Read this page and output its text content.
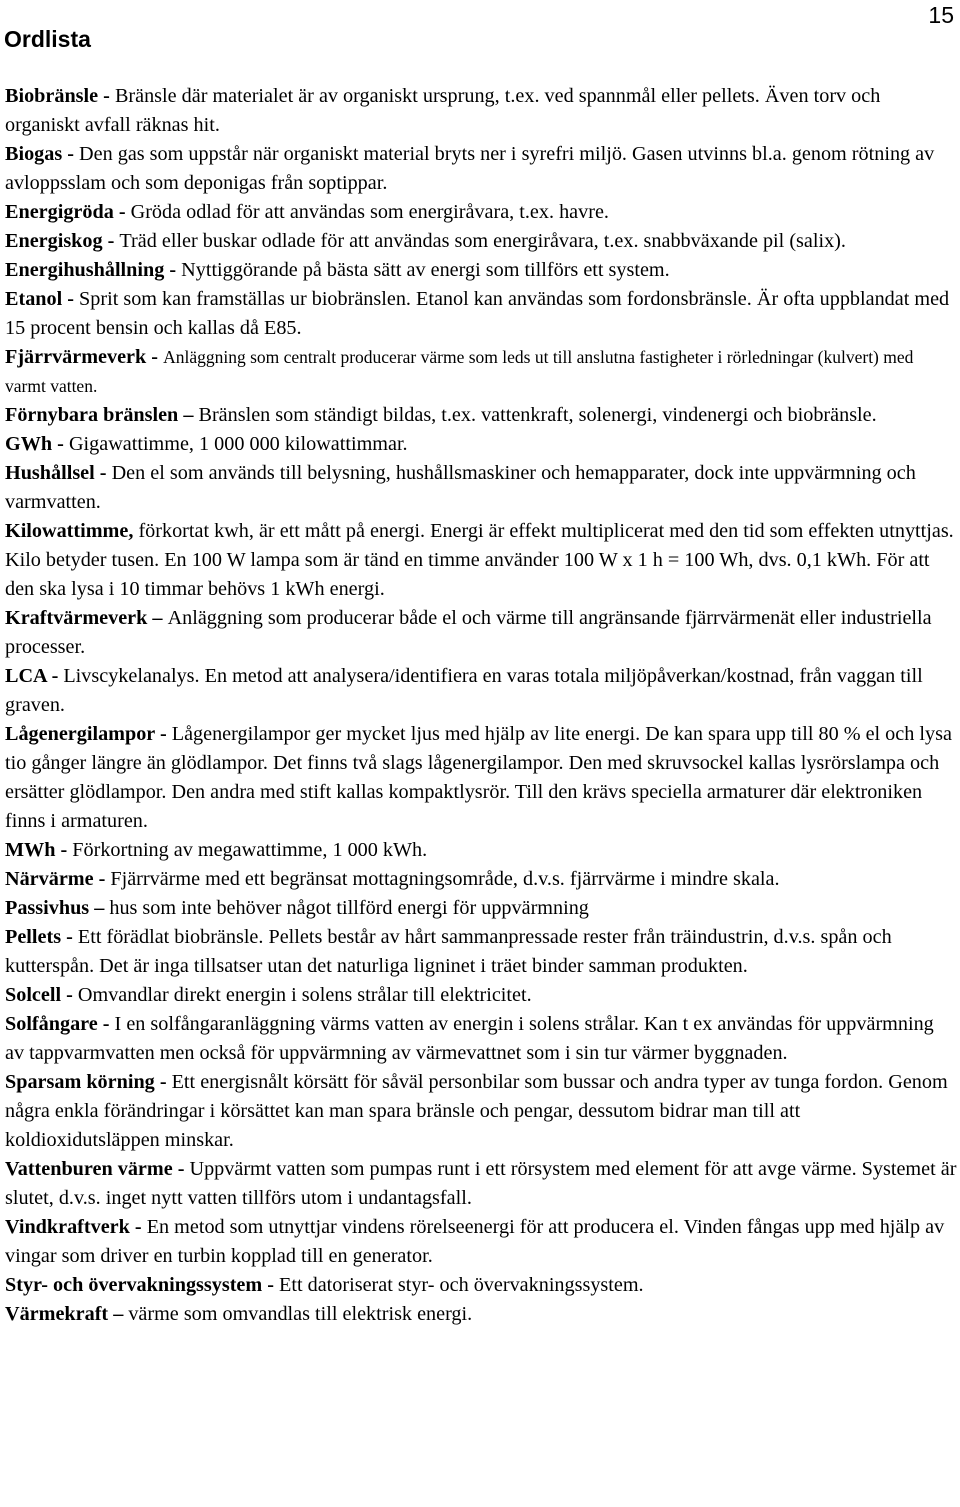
Ordlista
15
Biobränsle - Bränsle där materialet är av organiskt ursprung, t.ex. ved spannmål eller pellets. Även torv och organiskt avfall räknas hit.
Biogas - Den gas som uppstår när organiskt material bryts ner i syrefri miljö. Gasen utvinns bl.a. genom rötning av avloppsslam och som deponigas från soptippar.
Energigröda - Gröda odlad för att användas som energiråvara, t.ex. havre.
Energiskog - Träd eller buskar odlade för att användas som energiråvara, t.ex. snabbväxande pil (salix).
Energihushållning - Nyttiggörande på bästa sätt av energi som tillförs ett system.
Etanol - Sprit som kan framställas ur biobränslen. Etanol kan användas som fordonsbränsle. Är ofta uppblandat med 15 procent bensin och kallas då E85.
Fjärrvärmeverk - Anläggning som centralt producerar värme som leds ut till anslutna fastigheter i rörledningar (kulvert) med varmt vatten.
Förnybara bränslen – Bränslen som ständigt bildas, t.ex. vattenkraft, solenergi, vindenergi och biobränsle.
GWh - Gigawattimme, 1 000 000 kilowattimmar.
Hushållsel - Den el som används till belysning, hushållsmaskiner och hemapparater, dock inte uppvärmning och varmvatten.
Kilowattimme, förkortat kwh, är ett mått på energi. Energi är effekt multiplicerat med den tid som effekten utnyttjas. Kilo betyder tusen. En 100 W lampa som är tänd en timme använder 100 W x 1 h = 100 Wh, dvs. 0,1 kWh. För att den ska lysa i 10 timmar behövs 1 kWh energi.
Kraftvärmeverk – Anläggning som producerar både el och värme till angränsande fjärrvärmenät eller industriella processer.
LCA - Livscykelanalys. En metod att analysera/identifiera en varas totala miljöpåverkan/kostnad, från vaggan till graven.
Lågenergilampor - Lågenergilampor ger mycket ljus med hjälp av lite energi. De kan spara upp till 80 % el och lysa tio gånger längre än glödlampor. Det finns två slags lågenergilampor. Den med skruvsockel kallas lysrörslampa och ersätter glödlampor. Den andra med stift kallas kompaktlysrör. Till den krävs speciella armaturer där elektroniken finns i armaturen.
MWh - Förkortning av megawattimme, 1 000 kWh.
Närvärme - Fjärrvärme med ett begränsat mottagningsområde, d.v.s. fjärrvärme i mindre skala.
Passivhus – hus som inte behöver något tillförd energi för uppvärmning
Pellets - Ett förädlat biobränsle. Pellets består av hårt sammanpressade rester från träindustrin, d.v.s. spån och kutterspån. Det är inga tillsatser utan det naturliga ligninet i träet binder samman produkten.
Solcell - Omvandlar direkt energin i solens strålar till elektricitet.
Solfångare - I en solfångaranläggning värms vatten av energin i solens strålar. Kan t ex användas för uppvärmning av tappvarmvatten men också för uppvärmning av värmevattnet som i sin tur värmer byggnaden.
Sparsam körning - Ett energisnålt körsätt för såväl personbilar som bussar och andra typer av tunga fordon. Genom några enkla förändringar i körsättet kan man spara bränsle och pengar, dessutom bidrar man till att koldioxidutsläppen minskar.
Vattenburen värme - Uppvärmt vatten som pumpas runt i ett rörsystem med element för att avge värme. Systemet är slutet, d.v.s. inget nytt vatten tillförs utom i undantagsfall.
Vindkraftverk - En metod som utnyttjar vindens rörelseenergi för att producera el. Vinden fångas upp med hjälp av vingar som driver en turbin kopplad till en generator.
Styr- och övervakningssystem - Ett datoriserat styr- och övervakningssystem.
Värmekraft – värme som omvandlas till elektrisk energi.
